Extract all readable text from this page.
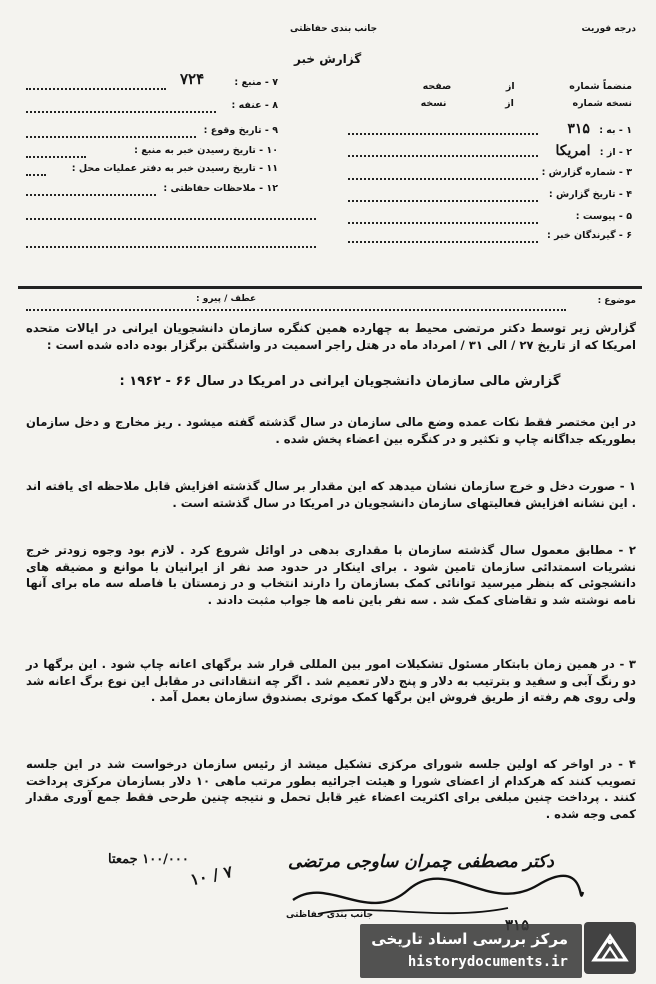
درجه فوریت
جانب بندی حفاظتی
گزارش خبر
منضماً شماره  از  صفحه
نسخه شماره  از  نسخه
۱ - به : ۳۱۵
۲ - از : امریکا
۳ - شماره گزارش :
۴ - تاریخ گزارش :
۵ - پیوست :
۶ - گیرندگان خبر :
۷ - منبع :
۷۲۴
۸ - عنفه :
۹ - تاریخ وقوع :
۱۰ - تاریخ رسیدن خبر به منبع :
۱۱ - تاریخ رسیدن خبر به دفتر عملیات محل :
۱۲ - ملاحظات حفاظتی :
موضوع :
عطف / پیرو :

گزارش زیر توسط دکتر مرتضی محیط به چهارده همین کنگره سازمان دانشجویان ایرانی در ایالات متحده امریکا که از تاریخ ۲۷ / الی ۳۱ / امرداد ماه در هتل راجر اسمیت در واشنگتن برگزار بوده داده شده است :

گزارش مالی سازمان دانشجویان ایرانی در امریکا در سال ۶۶ - ۱۹۶۲ :

در این مختصر فقط نکات عمده وضع مالی سازمان در سال گذشته گفته میشود . ریز مخارج و دخل سازمان بطوریکه جداگانه چاپ و تکثیر و در کنگره بین اعضاء پخش شده .

۱ - صورت دخل و خرج سازمان نشان میدهد که این مقدار بر سال گذشته افزایش قابل ملاحظه ای یافته اند . این نشانه افزایش فعالیتهای سازمان دانشجویان در امریکا در سال گذشته است .

۲ - مطابق معمول سال گذشته سازمان با مقداری بدهی در اوائل شروع کرد . لازم بود وجوه زودتر خرج نشریات اسمتدائی سازمان تامین شود . برای اینکار در حدود صد نفر از ایرانیان با موانع و مضیقه های دانشجوئی که بنظر میرسید توانائی کمک بسازمان را دارند انتخاب و در زمستان با فاصله سه ماه برای آنها نامه نوشته شد و تقاضای کمک شد . سه نفر باین نامه ها جواب مثبت دادند .

۳ - در همین زمان بابتکار مسئول تشکیلات امور بین المللی قرار شد برگهای اعانه چاپ شود . این برگها در دو رنگ آبی و سفید و بترتیب به دلار و پنج دلار تعمیم شد . اگر چه انتقاداتی در مقابل این نوع برگ اعانه شد ولی روی هم رفته از طریق فروش این برگها کمک موثری بصندوق سازمان بعمل آمد .

۴ - در اواخر که اولین جلسه شورای مرکزی تشکیل میشد از رئیس سازمان درخواست شد در این جلسه تصویب کنند که هرکدام از اعضای شورا و هیئت اجرائیه بطور مرتب ماهی ۱۰ دلار بسازمان مرکزی پرداخت کنند . پرداخت چنین مبلغی برای اکثریت اعضاء غیر قابل تحمل و نتیجه چنین طرحی فقط جمع آوری مقدار کمی وجه شده .

۱۰۰/۰۰۰ جمعتا	دکتر مصطفی چمران ساوجی مرتضی
جانب بندی حفاظتی
۱۰ / ۷
مرکز بررسی اسناد تاریخی
historydocuments.ir
